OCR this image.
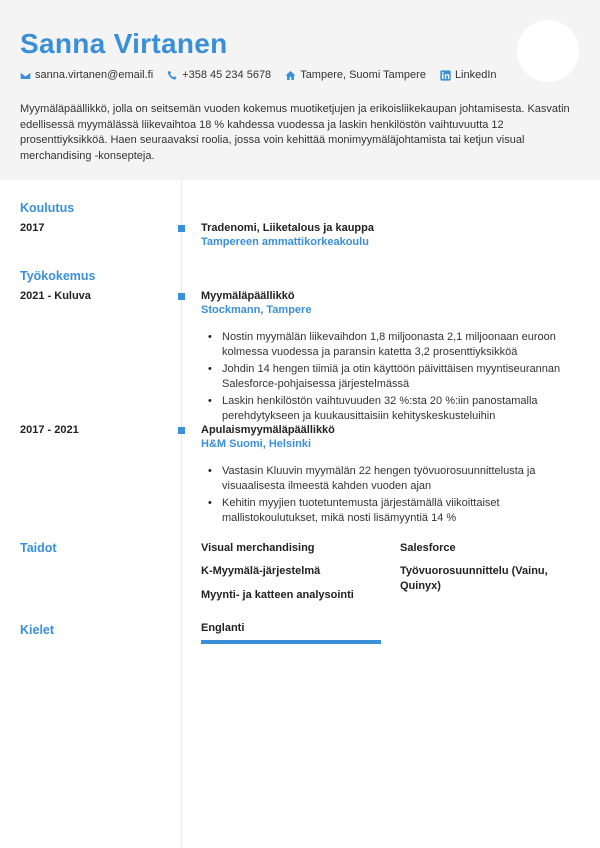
Sanna Virtanen
sanna.virtanen@email.fi	+358 45 234 5678	Tampere, Suomi Tampere	LinkedIn
Myymäläpäällikkö, jolla on seitsemän vuoden kokemus muotiketjujen ja erikoisliikekaupan johtamisesta. Kasvatin edellisessä myymälässä liikevaihtoa 18 % kahdessa vuodessa ja laskin henkilöstön vaihtuvuutta 12 prosenttiyksikköä. Haen seuraavaksi roolia, jossa voin kehittää monimyymäläjohtamista tai ketjun visual merchandising -konsepteja.
Koulutus
2017	Tradenomi, Liiketalous ja kauppa
Tampereen ammattikorkeakoulu
Työkokemus
2021 - Kuluva	Myymäläpäällikkö
Stockmann, Tampere
• Nostin myymälän liikevaihdon 1,8 miljoonasta 2,1 miljoonaan euroon kolmessa vuodessa ja paransin katetta 3,2 prosenttiyksikköä
• Johdin 14 hengen tiimiä ja otin käyttöön päivittäisen myyntiseurannan Salesforce-pohjaisessa järjestelmässä
• Laskin henkilöstön vaihtuvuuden 32 %:sta 20 %:iin panostamalla perehdytykseen ja kuukausittaisiin kehityskeskusteluihin
2017 - 2021	Apulaismyymäläpäällikkö
H&M Suomi, Helsinki
• Vastasin Kluuvin myymälän 22 hengen työvuorosuunnittelusta ja visuaalisesta ilmeestä kahden vuoden ajan
• Kehitin myyjien tuotetuntemusta järjestämällä viikoittaiset mallistokoulutukset, mikä nosti lisämyyntiä 14 %
Taidot	Visual merchandising	Salesforce
K-Myymälä-järjestelmä	Työvuorosuunnittelu (Vainu, Quinyx)
Myynti- ja katteen analysointi
Kielet	Englanti
